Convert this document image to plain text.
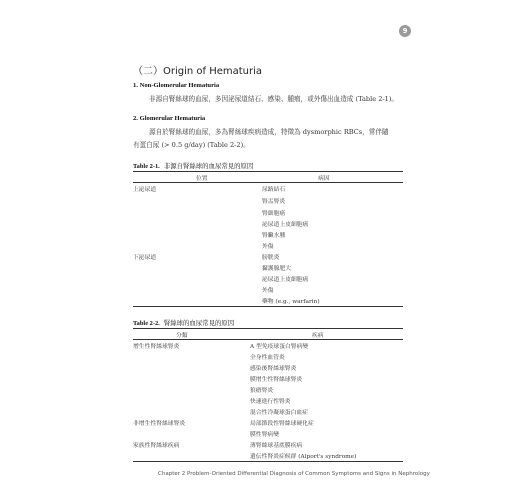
9
（二）Origin of Hematuria
1. Non-Glomerular Hematuria
非源自腎絲球的血尿，多因泌尿道結石、感染、腫瘤，或外傷出血造成 (Table 2-1)。
2. Glomerular Hematuria
源自於腎絲球的血尿，多為腎絲球疾病造成，特徵為 dysmorphic RBCs，常伴隨
有蛋白尿 (> 0.5 g/day) (Table 2-2)。
Table 2-1. 非源自腎絲球的血尿常見的原因
位置	病因
上泌尿道	尿路結石
腎盂腎炎
腎細胞癌
泌尿道上皮細胞癌
腎臟水腫
外傷
下泌尿道	膀胱炎
攝護腺肥大
泌尿道上皮細胞癌
外傷
藥物 (e.g., warfarin)
Table 2-2. 腎絲球的血尿常見的原因
分類	疾病
增生性腎絲球腎炎	A 型免疫球蛋白腎病變
全身性血管炎
感染後腎絲球腎炎
膜增生性腎絲球腎炎
狼瘡腎炎
快速進行性腎炎
混合性冷凝球蛋白血症
非增生性腎絲球腎炎	局部節段性腎絲球硬化症
膜性腎病變
家族性腎絲球疾病	薄腎絲球基底膜疾病
遺伝性腎炎症候群 (Alport's syndrome)
Chapter 2 Problem-Oriented Differential Diagnosis of Common Symptoms and Signs in Nephrology
